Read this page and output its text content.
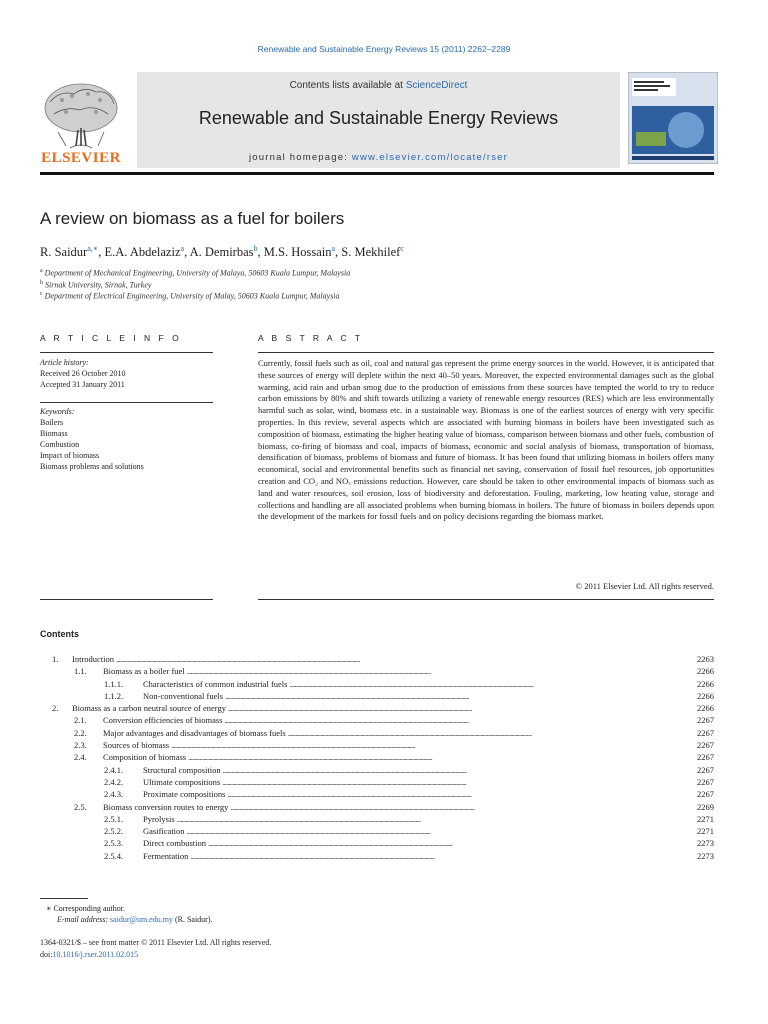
Renewable and Sustainable Energy Reviews 15 (2011) 2262–2289
Contents lists available at ScienceDirect
Renewable and Sustainable Energy Reviews
journal homepage: www.elsevier.com/locate/rser
ELSEVIER
A review on biomass as a fuel for boilers
R. Saidur$^{a,∗}$, E.A. Abdelaziz$^a$, A. Demirbas$^b$, M.S. Hossain$^a$, S. Mekhilef$^c$
$^a$ Department of Mechanical Engineering, University of Malaya, 50603 Kuala Lumpur, Malaysia
$^b$ Sirnak University, Sirnak, Turkey
$^c$ Department of Electrical Engineering, University of Malay, 50603 Kuala Lumpur, Malaysia
A R T I C L E I N F O
Article history:
Received 26 October 2010
Accepted 31 January 2011
Keywords:
Boilers
Biomass
Combustion
Impact of biomass
Biomass problems and solutions
A B S T R A C T
Currently, fossil fuels such as oil, coal and natural gas represent the prime energy sources in the world. However, it is anticipated that these sources of energy will deplete within the next 40–50 years. Moreover, the expected environmental damages such as the global warming, acid rain and urban smog due to the production of emissions from these sources have tempted the world to try to reduce carbon emissions by 80% and shift towards utilizing a variety of renewable energy resources (RES) which are less environmentally harmful such as solar, wind, biomass etc. in a sustainable way. Biomass is one of the earliest sources of energy with very specific properties. In this review, several aspects which are associated with burning biomass in boilers have been investigated such as composition of biomass, estimating the higher heating value of biomass, comparison between biomass and other fuels, combustion of biomass, co-firing of biomass and coal, impacts of biomass, economic and social analysis of biomass, transportation of biomass, densification of biomass, problems of biomass and future of biomass. It has been found that utilizing biomass in boilers offers many economical, social and environmental benefits such as financial net saving, conservation of fossil fuel resources, job opportunities creation and CO₂ and NOₓ emissions reduction. However, care should be taken to other environmental impacts of biomass such as land and water resources, soil erosion, loss of biodiversity and deforestation. Fouling, marketing, low heating value, storage and collections and handling are all associated problems when burning biomass in boilers. The future of biomass in boilers depends upon the development of the markets for fossil fuels and on policy decisions regarding the biomass market.
© 2011 Elsevier Ltd. All rights reserved.
Contents
1.	Introduction . . .	2263
1.1.	Biomass as a boiler fuel . . .	2266
1.1.1.	Characteristics of common industrial fuels . . .	2266
1.1.2.	Non-conventional fuels . . .	2266
2.	Biomass as a carbon neutral source of energy . . .	2266
2.1.	Conversion efficiencies of biomass . . .	2267
2.2.	Major advantages and disadvantages of biomass fuels . . .	2267
2.3.	Sources of biomass . . .	2267
2.4.	Composition of biomass . . .	2267
2.4.1.	Structural composition . . .	2267
2.4.2.	Ultimate compositions . . .	2267
2.4.3.	Proximate compositions . . .	2267
2.5.	Biomass conversion routes to energy . . .	2269
2.5.1.	Pyrolysis . . .	2271
2.5.2.	Gasification . . .	2271
2.5.3.	Direct combustion . . .	2273
2.5.4.	Fermentation . . .	2273
∗ Corresponding author.
E-mail address: saidur@um.edu.my (R. Saidur).
1364-0321/$ – see front matter © 2011 Elsevier Ltd. All rights reserved.
doi:10.1016/j.rser.2011.02.015
